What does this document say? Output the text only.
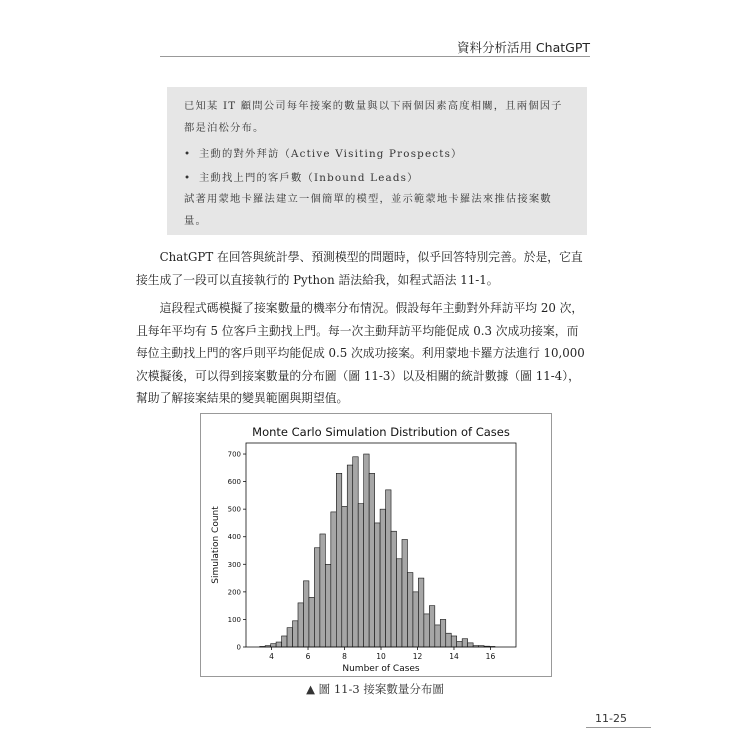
資料分析活用 ChatGPT

已知某 IT 顧問公司每年接案的數量與以下兩個因素高度相關，且兩個因子都是泊松分布。

• 主動的對外拜訪（Active Visiting Prospects）

• 主動找上門的客戶數（Inbound Leads）

試著用蒙地卡羅法建立一個簡單的模型，並示範蒙地卡羅法來推估接案數量。

ChatGPT 在回答與統計學、預測模型的問題時，似乎回答特別完善。於是，它直接生成了一段可以直接執行的 Python 語法給我，如程式語法 11-1。

這段程式碼模擬了接案數量的機率分布情況。假設每年主動對外拜訪平均 20 次，且每年平均有 5 位客戶主動找上門。每一次主動拜訪平均能促成 0.3 次成功接案，而每位主動找上門的客戶則平均能促成 0.5 次成功接案。利用蒙地卡羅方法進行 10,000 次模擬後，可以得到接案數量的分布圖（圖 11-3）以及相關的統計數據（圖 11-4），幫助了解接案結果的變異範圍與期望值。

Monte Carlo Simulation Distribution of Cases
0
100
200
300
400
500
600
700
4	6	8	10	12	14	16
Number of Cases
Simulation Count
▲ 圖 11-3 接案數量分布圖
11-25
